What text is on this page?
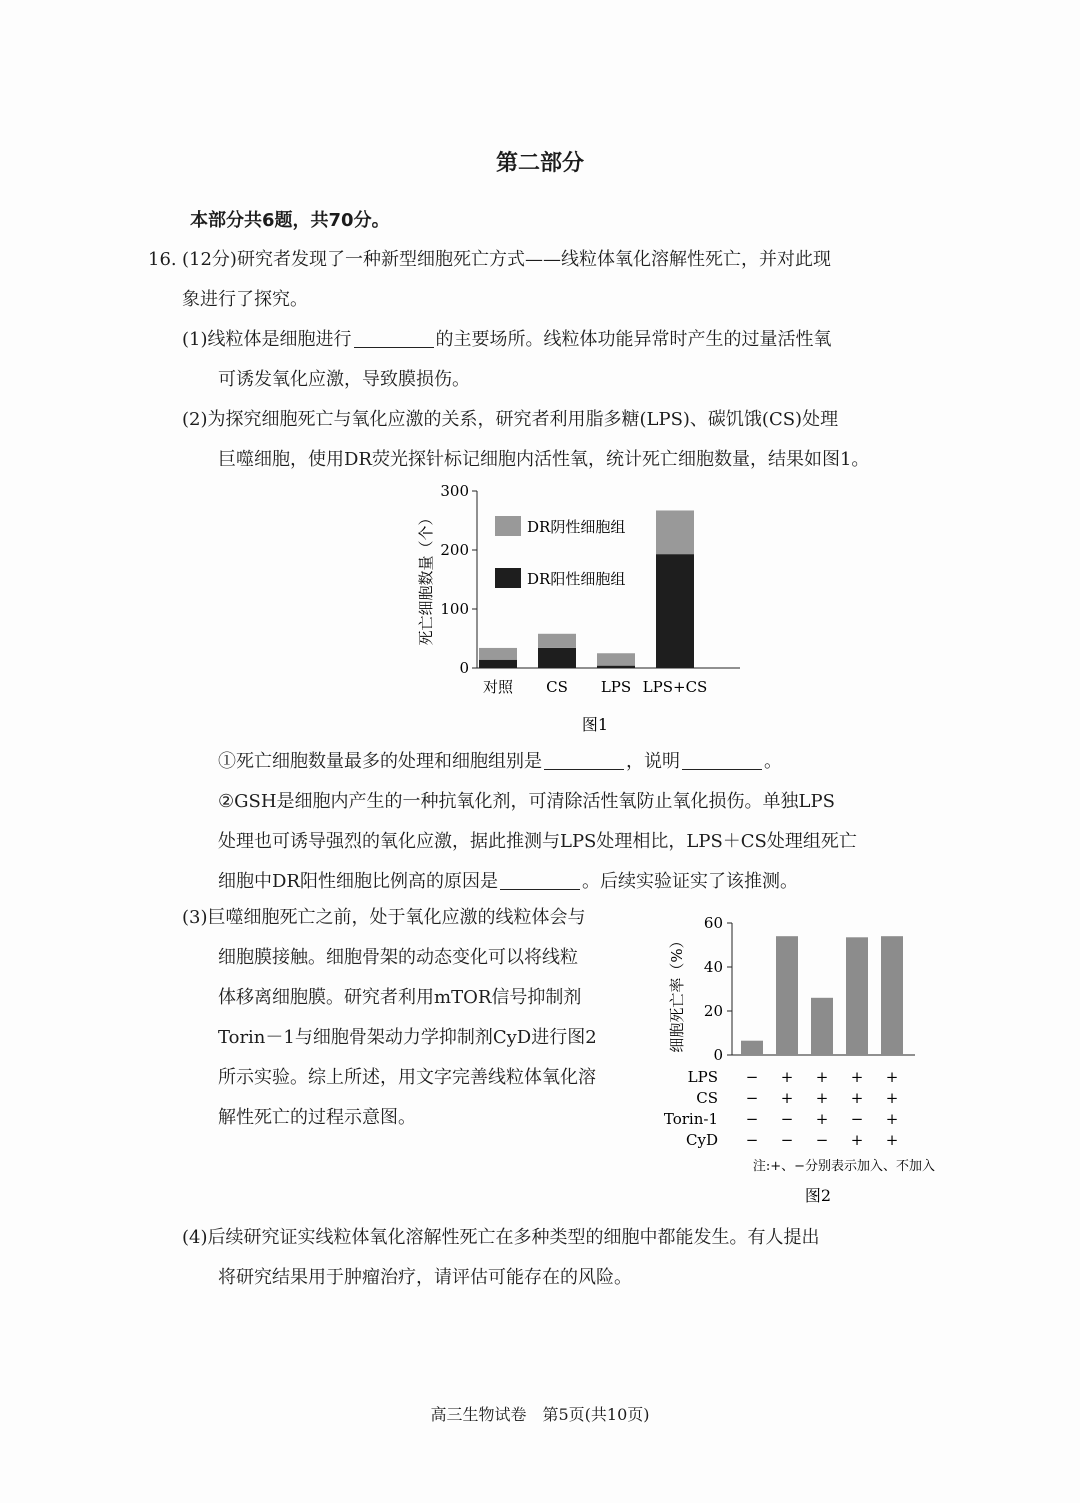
第二部分
本部分共6题，共70分。
16. (12分)研究者发现了一种新型细胞死亡方式——线粒体氧化溶解性死亡，并对此现
象进行了探究。
(1)线粒体是细胞进行	的主要场所。线粒体功能异常时产生的过量活性氧
可诱发氧化应激，导致膜损伤。
(2)为探究细胞死亡与氧化应激的关系，研究者利用脂多糖(LPS)、碳饥饿(CS)处理
巨噬细胞，使用DR荧光探针标记细胞内活性氧，统计死亡细胞数量，结果如图1。
0
100
200
300
死亡细胞数量（个）
对照 CS LPS LPS+CS
DR阴性细胞组
DR阳性细胞组
图1
①死亡细胞数量最多的处理和细胞组别是	，说明	。
②GSH是细胞内产生的一种抗氧化剂，可清除活性氧防止氧化损伤。单独LPS
处理也可诱导强烈的氧化应激，据此推测与LPS处理相比，LPS＋CS处理组死亡
细胞中DR阳性细胞比例高的原因是	。后续实验证实了该推测。
(3)巨噬细胞死亡之前，处于氧化应激的线粒体会与
细胞膜接触。细胞骨架的动态变化可以将线粒
体移离细胞膜。研究者利用mTOR信号抑制剂
Torin－1与细胞骨架动力学抑制剂CyD进行图2
所示实验。综上所述，用文字完善线粒体氧化溶
解性死亡的过程示意图。
0
20
40
60
细胞死亡率（%）
LPS − + + + +
CS − + + + +
Torin-1 − − + − +
CyD − − − + +
注:+、−分别表示加入、不加入
图2
(4)后续研究证实线粒体氧化溶解性死亡在多种类型的细胞中都能发生。有人提出
将研究结果用于肿瘤治疗，请评估可能存在的风险。
高三生物试卷　第5页(共10页)
